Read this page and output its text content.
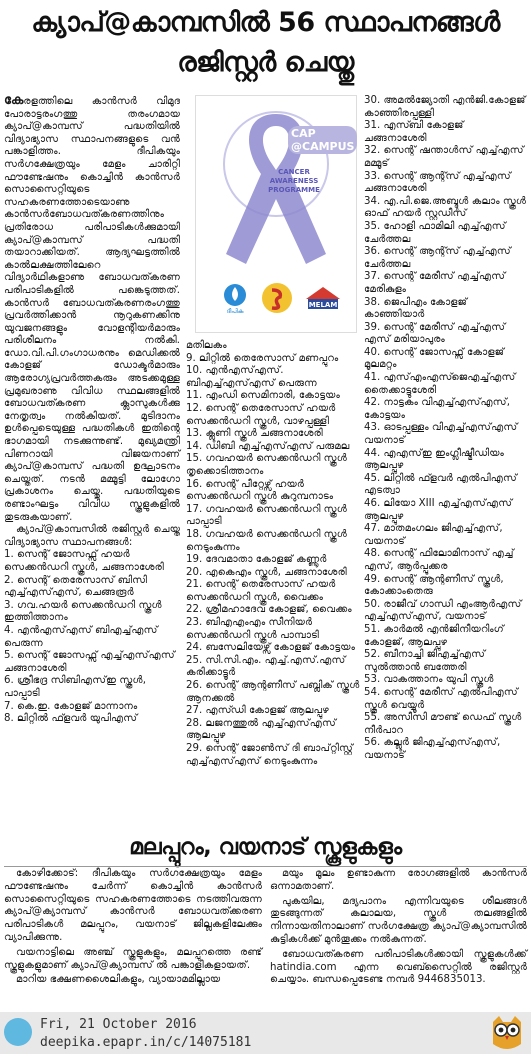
ക്യാപ്@കാമ്പസിൽ 56 സ്ഥാപനങ്ങൾ
രജിസ്റ്റർ ചെയ്തു

കേരളത്തിലെ കാൻസർ വിമുദ പോരാട്ടരംഗത്തു തരംഗമായ ക്യാപ്@കാമ്പസ് പദ്ധതിയിൽ വിദ്യാഭ്യാസ സ്ഥാപനങ്ങളുടെ വൻ പങ്കാളിത്തം. ദീപികയും സർഗക്ഷേത്രയും മേളം ചാരിറ്റി ഫൗണ്ടേഷനും കൊച്ചിൻ കാൻസർ സൊസൈറ്റിയുടെ സഹകരണത്തോടെയാണു കാൻസർബോധവത്കരണത്തിനും പ്രതിരോധ പരിപാടികൾക്കുമായി ക്യാപ്@കാമ്പസ് പദ്ധതി തയാറാക്കിയത്. ആദ്യഘട്ടത്തിൽ കാൽലക്ഷത്തിലേറെ വിദ്യാർഥികളാണു ബോധവത്കരണ പരിപാടികളിൽ പങ്കെടുത്തത്. കാൻസർ ബോധവത്കരണരംഗത്തു പ്രവർത്തിക്കാൻ നൂറുകണക്കിനു യുവജനങ്ങളും വോളന്റിയർമാരും പരിശീലനം നൽകി. ഡോ.വി.പി.ഗംഗാധരനും മെഡിക്കൽ കോളജ് ഡോക്ടർമാരും ആരോഗ്യപ്രവർത്തകരും അടക്കമുള്ള പ്രമുഖരാണു വിവിധ സ്ഥലങ്ങളിൽ ബോധവത്കരണ ക്ലാസുകൾക്കു നേതൃത്വം നൽകിയത്. മുടിദാനം ഉൾപ്പെടെയുള്ള പദ്ധതികൾ ഇതിന്റെ ഭാഗമായി നടക്കുന്നുണ്ട്. മുഖ്യമന്ത്രി പിണറായി വിജയനാണ് ക്യാപ്@കാമ്പസ് പദ്ധതി ഉദ്ഘാടനം ചെയ്തത്. നടൻ മമ്മൂട്ടി ലോഗോ പ്രകാശനം ചെയ്തു. പദ്ധതിയുടെ രണ്ടാംഘട്ടം വിവിധ സ്കൂളുകളിൽ തുടരുകയാണ്.

ക്യാപ്@കാമ്പസിൽ രജിസ്റ്റർ ചെയ്ത വിദ്യാഭ്യാസ സ്ഥാപനങ്ങൾ:

1. സെന്റ് ജോസഫ്സ് ഹയർ സെക്കൻഡറി സ്കൂൾ, ചങ്ങനാശേരി
2. സെന്റ് തെരേസാസ് ബിസി എച്ച്എസ്എസ്, ചെങ്ങരൂർ
3. ഗവ.ഹയർ സെക്കൻഡറി സ്കൂൾ ഇത്തിത്താനം
4. എൻഎസ്എസ് ബിഎച്ച്എസ് പെരുന്ന
5. സെന്റ് ജോസഫ്സ് എച്ച്എസ്എസ് ചങ്ങനാശേരി
6. ശ്രീഭദ്ര സിബിഎസ്ഇ സ്കൂൾ, പാപ്പാടി
7. കെ.ഇ. കോളജ് മാന്നാനം
8. ലിറ്റിൽ ഫ്ളവർ യുപിഎസ്
CAP @CAMPUS
CANCER AWARENESS PROGRAMME
ദീപിക
MELAM
മതിലകം
9. ലിറ്റിൽ തെരേസാസ് മണപ്പുറം
10. എൻഎസ്എസ്. ബിഎച്ച്എസ്എസ് പെരുന്ന
11. എംഡി സെമിനാരി, കോട്ടയം
12. സെന്റ് തെരേസാസ് ഹയർ സെക്കൻഡറി സ്കൂൾ, വാഴപ്പള്ളി
13. ക്ലൂണി സ്കൂൾ ചങ്ങനാശേരി
14. ഡിബി എച്ച്എസ്എസ് പരുമല
15. ഗവഹയർ സെക്കൻഡറി സ്കൂൾ തൃക്കൊടിത്താനം
16. സെന്റ് പീറ്റേഴ്സ് ഹയർ സെക്കൻഡറി സ്കൂൾ കുറുമ്പനാടം
17. ഗവഹയർ സെക്കൻഡറി സ്കൂൾ പാപ്പാടി
18. ഗവഹയർ സെക്കൻഡറി സ്കൂൾ നെടുംകുന്നം
19. ദേവമാതാ കോളജ് കണ്ണൂർ
20. എകെഎം സ്കൂൾ, ചങ്ങനാശേരി
21. സെന്റ് തെരേസാസ് ഹയർ സെക്കൻഡറി സ്കൂൾ, വൈക്കം
22. ശ്രീമഹാദേവ കോളജ്, വൈക്കം
23. ബിഎഎംഎം സീനിയർ സെക്കൻഡറി സ്കൂൾ പാമ്പാടി
24. ബസേലിയേഴ്സ് കോളജ് കോട്ടയം
25. സി.സി.എം. എച്ച്.എസ്.എസ് കരിക്കാട്ടൂർ
26. സെന്റ് ആന്റണീസ് പബ്ലിക് സ്കൂൾ ആനക്കൽ
27. എസ്ഡി കോളജ് ആലപ്പുഴ
28. ലജനത്തുൽ എച്ച്എസ്എസ് ആലപ്പുഴ
29. സെന്റ് ജോൺസ് ദി ബാപ്റ്റിസ്റ്റ് എച്ച്എസ്എസ് നെടുംകുന്നം
30. അമൽജ്യോതി എൻജി.കോളജ് കാഞ്ഞിരപ്പള്ളി
31. എസ്ബി കോളജ് ചങ്ങനാശേരി
32. സെന്റ് ഷന്താൾസ് എച്ച്എസ് മമ്മൂട്
33. സെന്റ് ആന്റ്സ് എച്ച്എസ് ചങ്ങനാശേരി
34. എ.പി.ജെ.അബ്ദുൾ കലാം സ്കൂൾ ഓഫ് ഹയർ സ്റ്റഡീസ്
35. ഹോളി ഫാമിലി എച്ച്എസ് ചേർത്തല
36. സെന്റ് ആന്റ്സ് എച്ച്എസ് ചേർത്തല
37. സെന്റ് മേരീസ് എച്ച്എസ് മേരികുളം
38. ജെപിഎം കോളജ് കാഞ്ഞിയാർ
39. സെന്റ് മേരീസ് എച്ച്എസ് എസ് മരിയാപുരം
40. സെന്റ് ജോസഫ്സ് കോളജ് മൂലമറ്റം
41. എസ്എംഎസ്ജെഎച്ച്എസ് തൈക്കാട്ടുശേരി
42. നാട്ടകം വിഎച്ച്എസ്എസ്, കോട്ടയം
43. ഓടപ്പള്ളം വിഎച്ച്എസ്എസ് വയനാട്
44. എഎസ്ഇ ഇംഗ്ലീഷ്മീഡിയം ആലപ്പുഴ
45. ലിറ്റിൽ ഫ്ളവർ എൽപിഎസ് എടത്വാ
46. ലിയോ XIII എച്ച്എസ്എസ് ആലപ്പുഴ
47. മാതമംഗലം ജിഎച്ച്എസ്, വയനാട്
48. സെന്റ് ഫിലോമിനാസ് എച്ച് എസ്, ആർപ്പൂക്കര
49. സെന്റ് ആന്റണീസ് സ്കൂൾ, കോക്കാംതെരു
50. രാജീവ് ഗാന്ധി എംആർഎസ് എച്ച്എസ്എസ്, വയനാട്
51. കാർമൽ എൻജിനീയറിംഗ് കോളജ്, ആലപ്പുഴ
52. ബീനാച്ചി ജിഎച്ച്എസ് സുൽത്താൻ ബത്തേരി
53. വാകത്താനം യുപി സ്കൂൾ
54. സെന്റ് മേരീസ് എൽപിഎസ് സ്കൂൾ വെയ്യൂർ
55. അസീസി മൗണ്ട് ഡെഫ് സ്കൂൾ നീർപാറ
56. കല്ലൂർ ജിഎച്ച്എസ്എസ്, വയനാട്
മലപ്പുറം, വയനാട് സ്കൂളുകളും

കോഴിക്കോട്: ദീപികയും സർഗക്ഷേത്രയും മേളം ഫൗണ്ടേഷനും ചേർന്ന് കൊച്ചിൻ കാൻസർ സൊസൈറ്റിയുടെ സഹകരണത്തോടെ നടത്തിവരുന്ന ക്യാപ്@ക്യാമ്പസ് കാൻസർ ബോധവത്ക്കരണ പരിപാടികൾ മലപ്പുറം, വയനാട് ജില്ലകളിലേക്കും വ്യാപിക്കുന്നു.

വയനാട്ടിലെ അഞ്ച് സ്കൂളുകളും, മലപ്പുറത്തെ രണ്ട് സ്കൂളുകളുമാണ് ക്യാപ്@ക്യാമ്പസ് ൽ പങ്കാളികളായത്.

മാറിയ ഭക്ഷണശൈലികളും, വ്യായാമമില്ലായ

മയും മൂലം ഉണ്ടാകുന്ന രോഗങ്ങളിൽ കാൻസർ ഒന്നാമതാണ്.

പുകയില, മദ്യപാനം എന്നിവയുടെ ശീലങ്ങൾ തുടങ്ങുന്നത് കലാലയ, സ്കൂൾ തലങ്ങളിൽ നിന്നായതിനാലാണ് സർഗക്ഷേത്ര ക്യാപ്@ക്യാമ്പസിൽ കുട്ടികൾക്ക് മുൻതൂക്കം നൽകുന്നത്.

ബോധവത്കരണ പരിപാടികൾക്കായി സ്കൂളുകൾക്ക് hatindia.com എന്ന വെബ്സൈറ്റിൽ രജിസ്റ്റർ ചെയ്യാം. ബന്ധപ്പെടേണ്ട നമ്പർ 9446835013.

Fri, 21 October 2016
deepika.epapr.in/c/14075181
